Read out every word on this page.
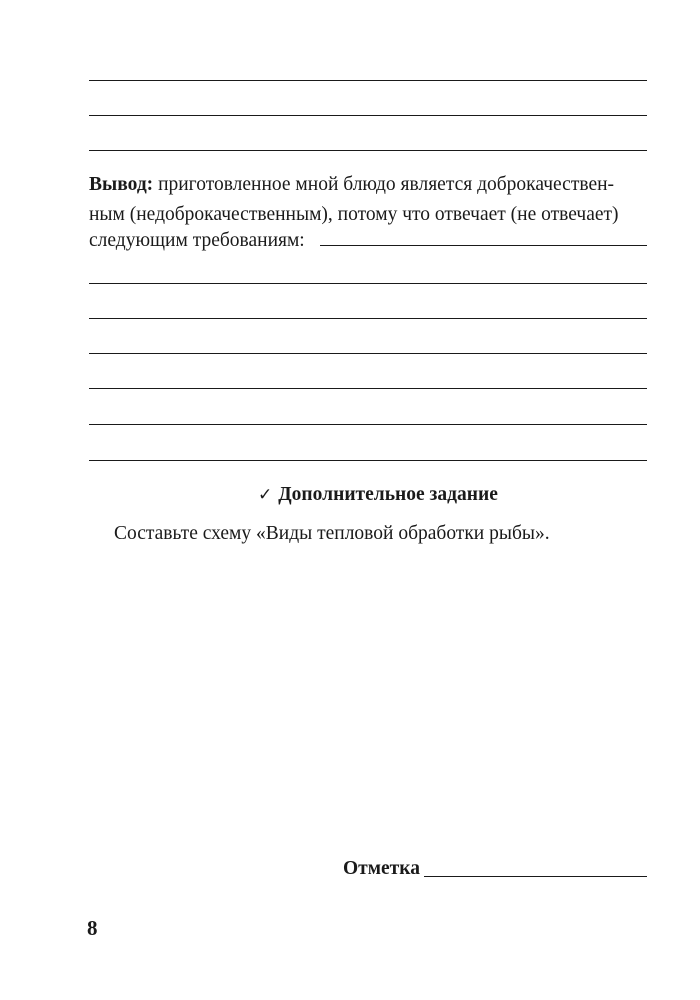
Вывод: приготовленное мной блюдо является доброкачествен-
ным (недоброкачественным), потому что отвечает (не отвечает)
следующим требованиям:
✓ Дополнительное задание
Составьте схему «Виды тепловой обработки рыбы».
Отметка
8
